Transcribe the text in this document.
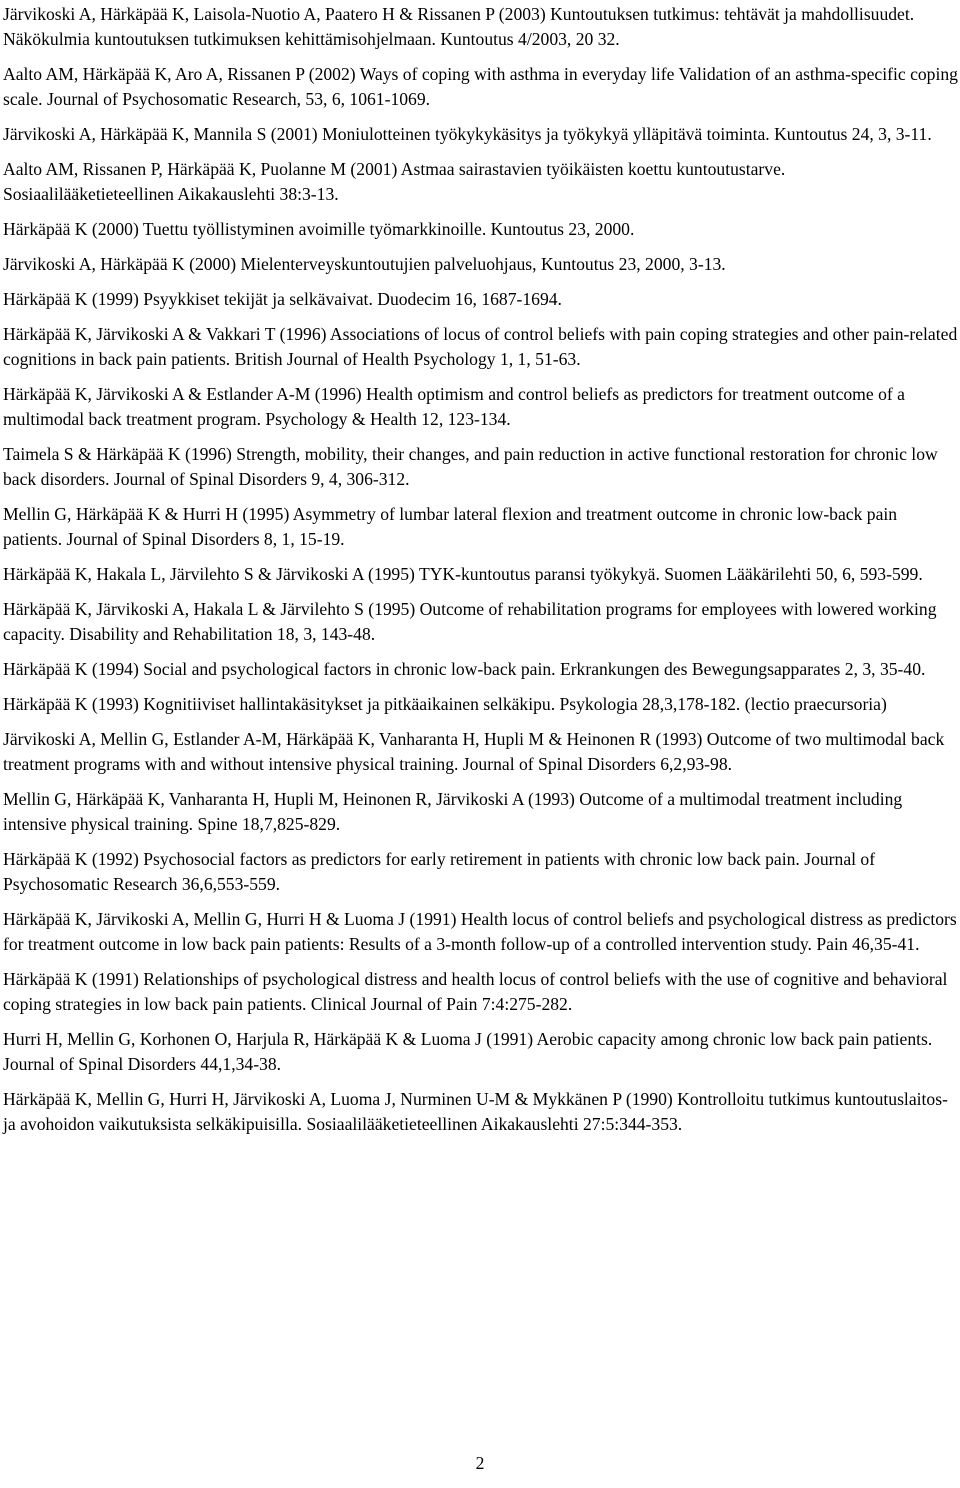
Järvikoski A, Härkäpää K, Laisola-Nuotio A, Paatero H & Rissanen P (2003) Kuntoutuksen tutkimus: tehtävät ja mahdollisuudet. Näkökulmia kuntoutuksen tutkimuksen kehittämisohjelmaan. Kuntoutus 4/2003, 20 32.

Aalto AM, Härkäpää K, Aro A, Rissanen P (2002) Ways of coping with asthma in everyday life Validation of an asthma-specific coping scale. Journal of Psychosomatic Research, 53, 6, 1061-1069.

Järvikoski A, Härkäpää K, Mannila S (2001) Moniulotteinen työkykykäsitys ja työkykyä ylläpitävä toiminta. Kuntoutus 24, 3, 3-11.

Aalto AM, Rissanen P, Härkäpää K, Puolanne M (2001) Astmaa sairastavien työikäisten koettu kuntoutustarve. Sosiaalilääketieteellinen Aikakauslehti 38:3-13.

Härkäpää K (2000) Tuettu työllistyminen avoimille työmarkkinoille. Kuntoutus 23, 2000.

Järvikoski A, Härkäpää K (2000) Mielenterveyskuntoutujien palveluohjaus, Kuntoutus 23, 2000, 3-13.

Härkäpää K (1999) Psyykkiset tekijät ja selkävaivat. Duodecim 16, 1687-1694.

Härkäpää K, Järvikoski A & Vakkari T (1996) Associations of locus of control beliefs with pain coping strategies and other pain-related cognitions in back pain patients. British Journal of Health Psychology 1, 1, 51-63.

Härkäpää K, Järvikoski A & Estlander A-M (1996) Health optimism and control beliefs as predictors for treatment outcome of a multimodal back treatment program. Psychology & Health 12, 123-134.

Taimela S & Härkäpää K (1996) Strength, mobility, their changes, and pain reduction in active functional restoration for chronic low back disorders. Journal of Spinal Disorders 9, 4, 306-312.

Mellin G, Härkäpää K & Hurri H (1995) Asymmetry of lumbar lateral flexion and treatment outcome in chronic low-back pain patients. Journal of Spinal Disorders 8, 1, 15-19.

Härkäpää K, Hakala L, Järvilehto S & Järvikoski A (1995) TYK-kuntoutus paransi työkykyä. Suomen Lääkärilehti 50, 6, 593-599.

Härkäpää K, Järvikoski A, Hakala L & Järvilehto S (1995) Outcome of rehabilitation programs for employees with lowered working capacity. Disability and Rehabilitation 18, 3, 143-48.

Härkäpää K (1994) Social and psychological factors in chronic low-back pain. Erkrankungen des Bewegungsapparates 2, 3, 35-40.

Härkäpää K (1993) Kognitiiviset hallintakäsitykset ja pitkäaikainen selkäkipu. Psykologia 28,3,178-182. (lectio praecursoria)

Järvikoski A, Mellin G, Estlander A-M, Härkäpää K, Vanharanta H, Hupli M & Heinonen R (1993) Outcome of two multimodal back treatment programs with and without intensive physical training. Journal of Spinal Disorders 6,2,93-98.

Mellin G, Härkäpää K, Vanharanta H, Hupli M, Heinonen R, Järvikoski A (1993) Outcome of a multimodal treatment including intensive physical training. Spine 18,7,825-829.

Härkäpää K (1992) Psychosocial factors as predictors for early retirement in patients with chronic low back pain. Journal of Psychosomatic Research 36,6,553-559.

Härkäpää K, Järvikoski A, Mellin G, Hurri H & Luoma J (1991) Health locus of control beliefs and psychological distress as predictors for treatment outcome in low back pain patients: Results of a 3-month follow-up of a controlled intervention study. Pain 46,35-41.

Härkäpää K (1991) Relationships of psychological distress and health locus of control beliefs with the use of cognitive and behavioral coping strategies in low back pain patients. Clinical Journal of Pain 7:4:275-282.

Hurri H, Mellin G, Korhonen O, Harjula R, Härkäpää K & Luoma J (1991) Aerobic capacity among chronic low back pain patients. Journal of Spinal Disorders 44,1,34-38.

Härkäpää K, Mellin G, Hurri H, Järvikoski A, Luoma J, Nurminen U-M & Mykkänen P (1990) Kontrolloitu tutkimus kuntoutuslaitos- ja avohoidon vaikutuksista selkäkipuisilla. Sosiaalilääketieteellinen Aikakauslehti 27:5:344-353.

2
